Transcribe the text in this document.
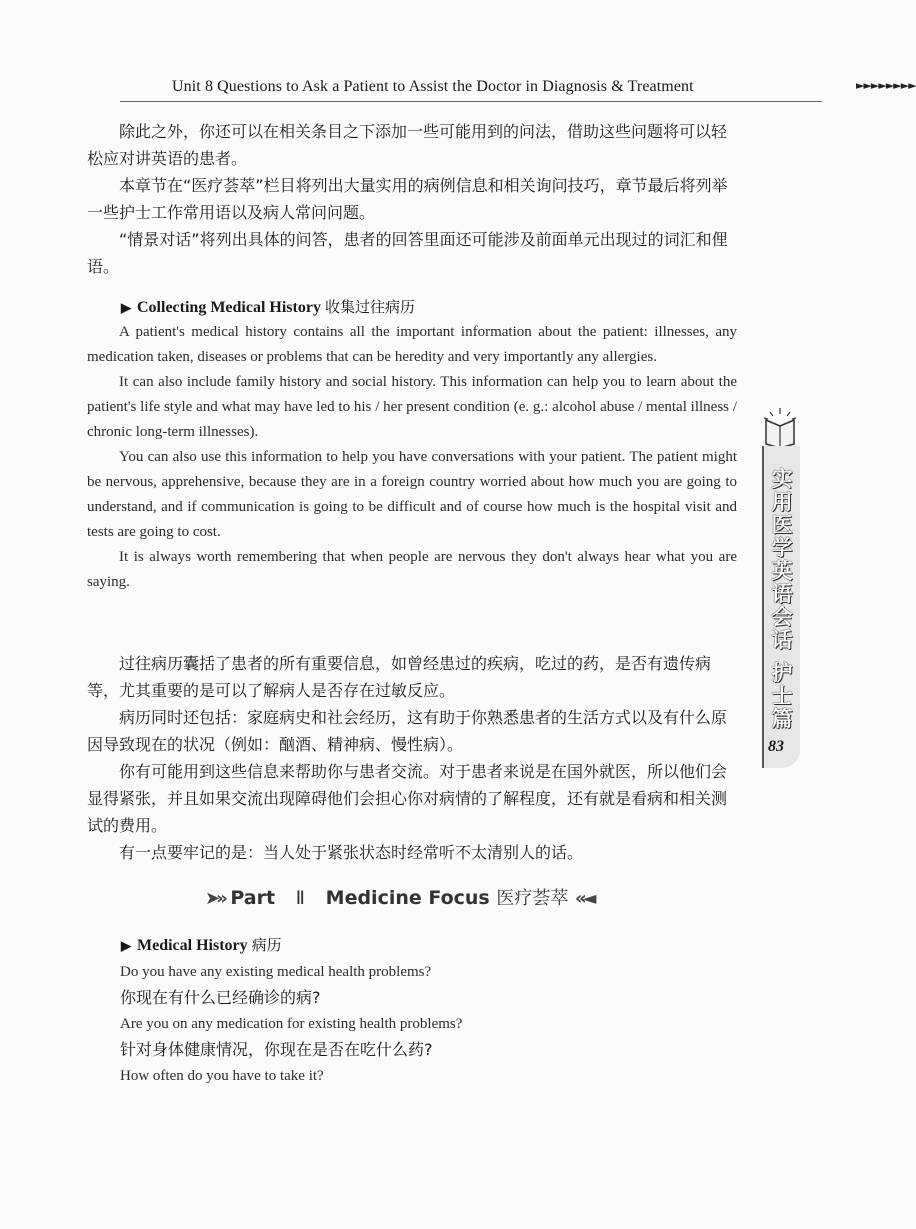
Unit 8 Questions to Ask a Patient to Assist the Doctor in Diagnosis & Treatment	►►►►►►►►

除此之外，你还可以在相关条目之下添加一些可能用到的问法，借助这些问题将可以轻松应对讲英语的患者。

本章节在“医疗荟萃”栏目将列出大量实用的病例信息和相关询问技巧，章节最后将列举一些护士工作常用语以及病人常问问题。

“情景对话”将列出具体的问答，患者的回答里面还可能涉及前面单元出现过的词汇和俚语。

▶ Collecting Medical History 收集过往病历

A patient's medical history contains all the important information about the patient: illnesses, any medication taken, diseases or problems that can be heredity and very importantly any allergies.

It can also include family history and social history. This information can help you to learn about the patient's life style and what may have led to his / her present condition (e. g.: alcohol abuse / mental illness / chronic long-term illnesses).

You can also use this information to help you have conversations with your patient. The patient might be nervous, apprehensive, because they are in a foreign country worried about how much you are going to understand, and if communication is going to be difficult and of course how much is the hospital visit and tests are going to cost.

It is always worth remembering that when people are nervous they don't always hear what you are saying.

过往病历囊括了患者的所有重要信息，如曾经患过的疾病，吃过的药，是否有遗传病等，尤其重要的是可以了解病人是否存在过敏反应。

病历同时还包括：家庭病史和社会经历，这有助于你熟悉患者的生活方式以及有什么原因导致现在的状况（例如：酗酒、精神病、慢性病）。

你有可能用到这些信息来帮助你与患者交流。对于患者来说是在国外就医，所以他们会显得紧张，并且如果交流出现障碍他们会担心你对病情的了解程度，还有就是看病和相关测试的费用。

有一点要牢记的是：当人处于紧张状态时经常听不太清别人的话。

➤» Part Ⅱ Medicine Focus 医疗荟萃 «◄
▶ Medical History 病历
Do you have any existing medical health problems?
你现在有什么已经确诊的病?
Are you on any medication for existing health problems?
针对身体健康情况，你现在是否在吃什么药?
How often do you have to take it?
实用医学英语会话
护士篇
83
